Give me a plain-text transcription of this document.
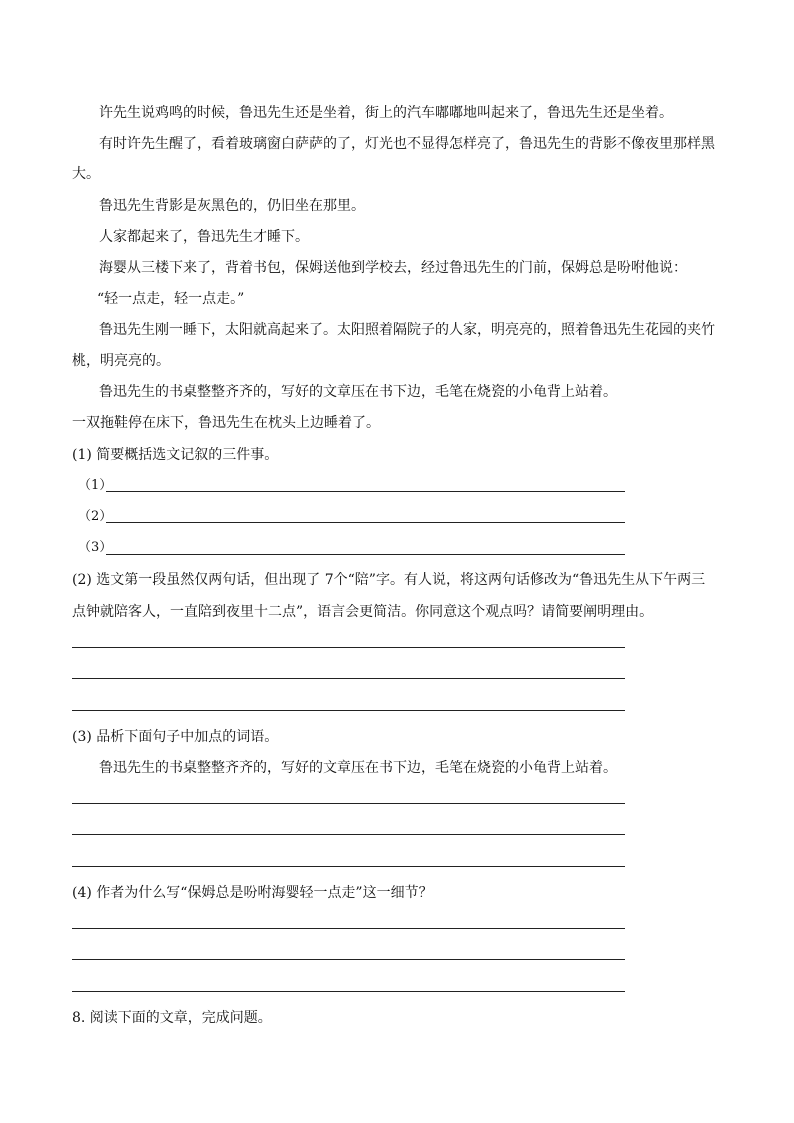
许先生说鸡鸣的时候，鲁迅先生还是坐着，街上的汽车嘟嘟地叫起来了，鲁迅先生还是坐着。
有时许先生醒了，看着玻璃窗白萨萨的了，灯光也不显得怎样亮了，鲁迅先生的背影不像夜里那样黑
大。
鲁迅先生背影是灰黑色的，仍旧坐在那里。
人家都起来了，鲁迅先生才睡下。
海婴从三楼下来了，背着书包，保姆送他到学校去，经过鲁迅先生的门前，保姆总是吩咐他说：
“轻一点走，轻一点走。”
鲁迅先生刚一睡下，太阳就高起来了。太阳照着隔院子的人家，明亮亮的，照着鲁迅先生花园的夹竹
桃，明亮亮的。
鲁迅先生的书桌整整齐齐的，写好的文章压在书下边，毛笔在烧瓷的小龟背上站着。
一双拖鞋停在床下，鲁迅先生在枕头上边睡着了。
(1) 简要概括选文记叙的三件事。
（1）
（2）
（3）
(2) 选文第一段虽然仅两句话，但出现了 7个“陪”字。有人说，将这两句话修改为“鲁迅先生从下午两三
点钟就陪客人，一直陪到夜里十二点”，语言会更简洁。你同意这个观点吗？请简要阐明理由。
(3) 品析下面句子中加点的词语。
鲁迅先生的书桌整整齐齐的，写好的文章压在书下边，毛笔在烧瓷的小龟背上站着。
(4) 作者为什么写“保姆总是吩咐海婴轻一点走”这一细节？
8. 阅读下面的文章，完成问题。
